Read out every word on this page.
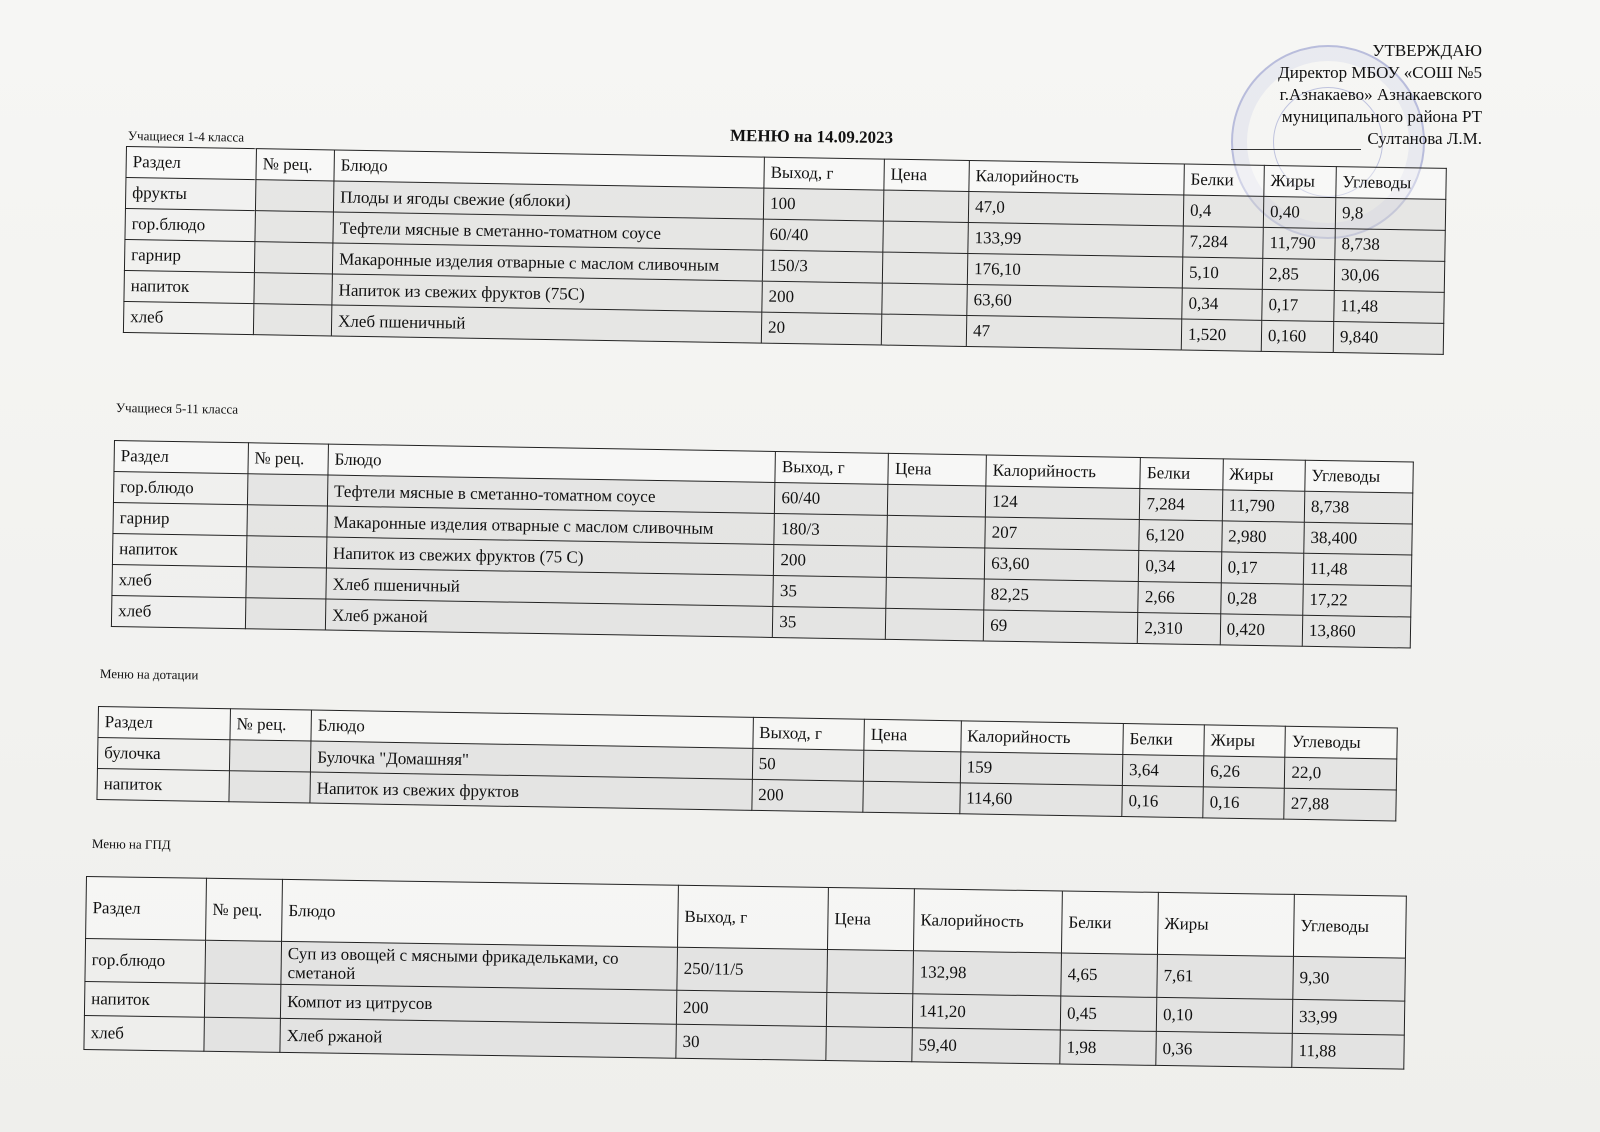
УТВЕРЖДАЮ
Директор МБОУ «СОШ №5
г.Азнакаево» Азнакаевского
муниципального района РТ
Султанова Л.М.
МЕНЮ на 14.09.2023
Учащиеся 1-4 класса
Учащиеся 5-11 класса
Меню на дотации
Меню на ГПД
Раздел	№ рец.	Блюдо	Выход, г	Цена	Калорийность	Белки	Жиры	Углеводы
фрукты		Плоды и ягоды свежие (яблоки)	100		47,0	0,4	0,40	9,8
гор.блюдо		Тефтели мясные в сметанно-томатном соусе	60/40		133,99	7,284	11,790	8,738
гарнир		Макаронные изделия отварные с маслом сливочным	150/3		176,10	5,10	2,85	30,06
напиток		Напиток из свежих фруктов (75С)	200		63,60	0,34	0,17	11,48
хлеб		Хлеб пшеничный	20		47	1,520	0,160	9,840
Раздел	№ рец.	Блюдо	Выход, г	Цена	Калорийность	Белки	Жиры	Углеводы
гор.блюдо		Тефтели мясные в сметанно-томатном соусе	60/40		124	7,284	11,790	8,738
гарнир		Макаронные изделия отварные с маслом сливочным	180/3		207	6,120	2,980	38,400
напиток		Напиток из свежих фруктов (75 С)	200		63,60	0,34	0,17	11,48
хлеб		Хлеб пшеничный	35		82,25	2,66	0,28	17,22
хлеб		Хлеб ржаной	35		69	2,310	0,420	13,860
Раздел	№ рец.	Блюдо	Выход, г	Цена	Калорийность	Белки	Жиры	Углеводы
булочка		Булочка "Домашняя"	50		159	3,64	6,26	22,0
напиток		Напиток из свежих фруктов	200		114,60	0,16	0,16	27,88
Раздел	№ рец.	Блюдо	Выход, г	Цена	Калорийность	Белки	Жиры	Углеводы
гор.блюдо		Суп из овощей с мясными фрикадельками, со сметаной	250/11/5		132,98	4,65	7,61	9,30
напиток		Компот из цитрусов	200		141,20	0,45	0,10	33,99
хлеб		Хлеб ржаной	30		59,40	1,98	0,36	11,88
